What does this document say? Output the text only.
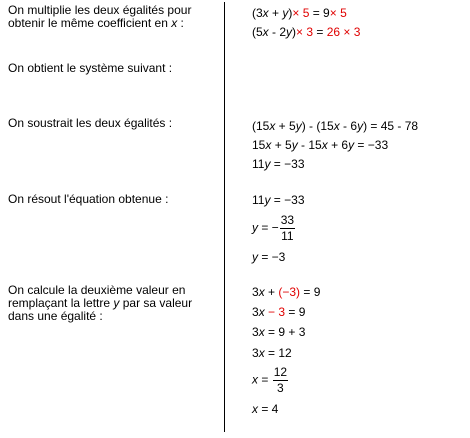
On multiplie les deux égalités pour obtenir le même coefficient en x :
(3x + y)× 5 = 9× 5
(5x - 2y)× 3 = 26 × 3
On obtient le système suivant :
On soustrait les deux égalités :	(15x + 5y) - (15x - 6y) = 45 - 78
15x + 5y - 15x + 6y = −33
11y = −33
On résout l'équation obtenue :	11y = −33
y = − $\frac{33}{11}$
y = −3
On calcule la deuxième valeur en remplaçant la lettre y par sa valeur dans une égalité :
3x + (−3) = 9
3x − 3 = 9
3x = 9 + 3
3x = 12
$x = \frac{12}{3}$
x = 4
